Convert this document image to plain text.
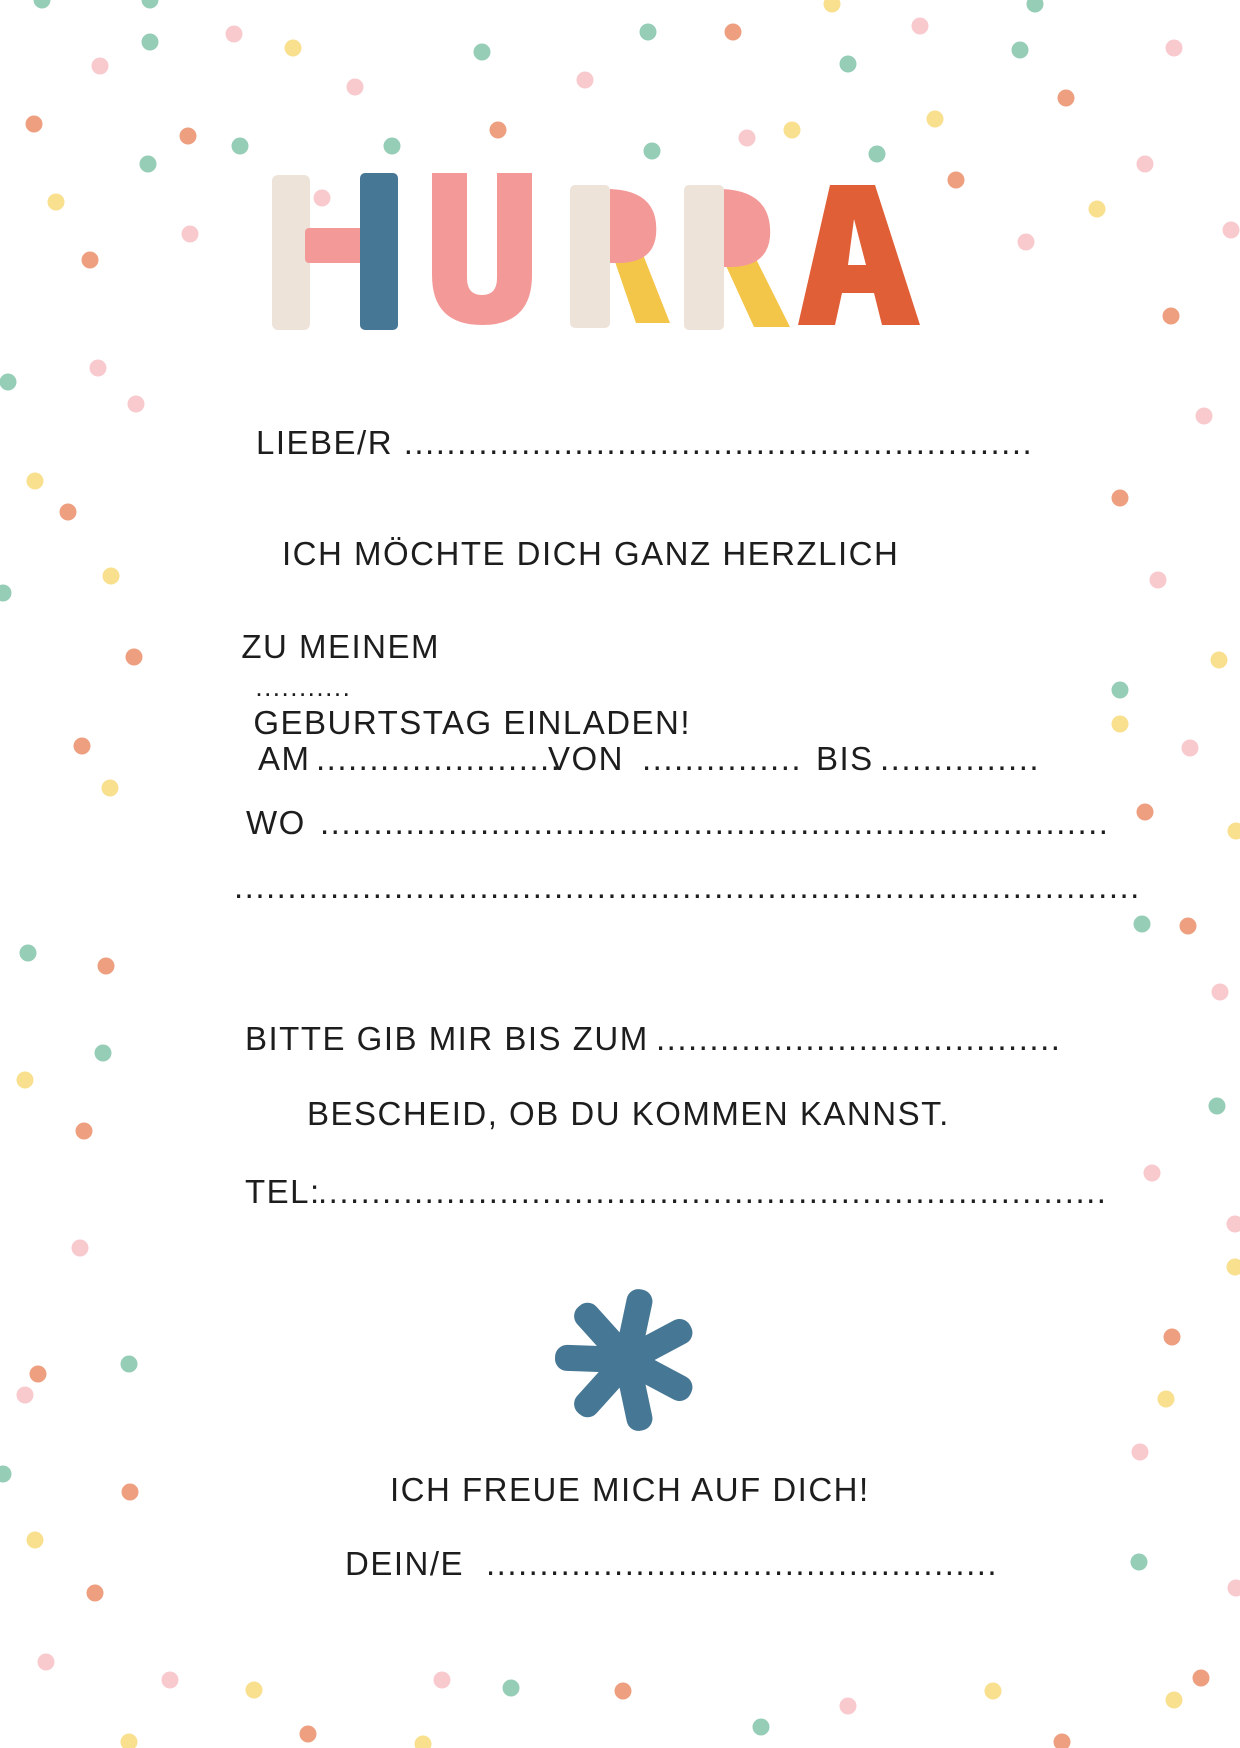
LIEBE/R ...........................................................
ICH MÖCHTE DICH GANZ HERZLICH

ZU MEINEM
...........
GEBURTSTAG EINLADEN!

AM .......................
VON ............... BIS ...............
WO ..........................................................................
.....................................................................................
BITTE GIB MIR BIS ZUM ......................................
BESCHEID, OB DU KOMMEN KANNST.
TEL:
..........................................................................
ICH FREUE MICH AUF DICH!
DEIN/E ................................................
